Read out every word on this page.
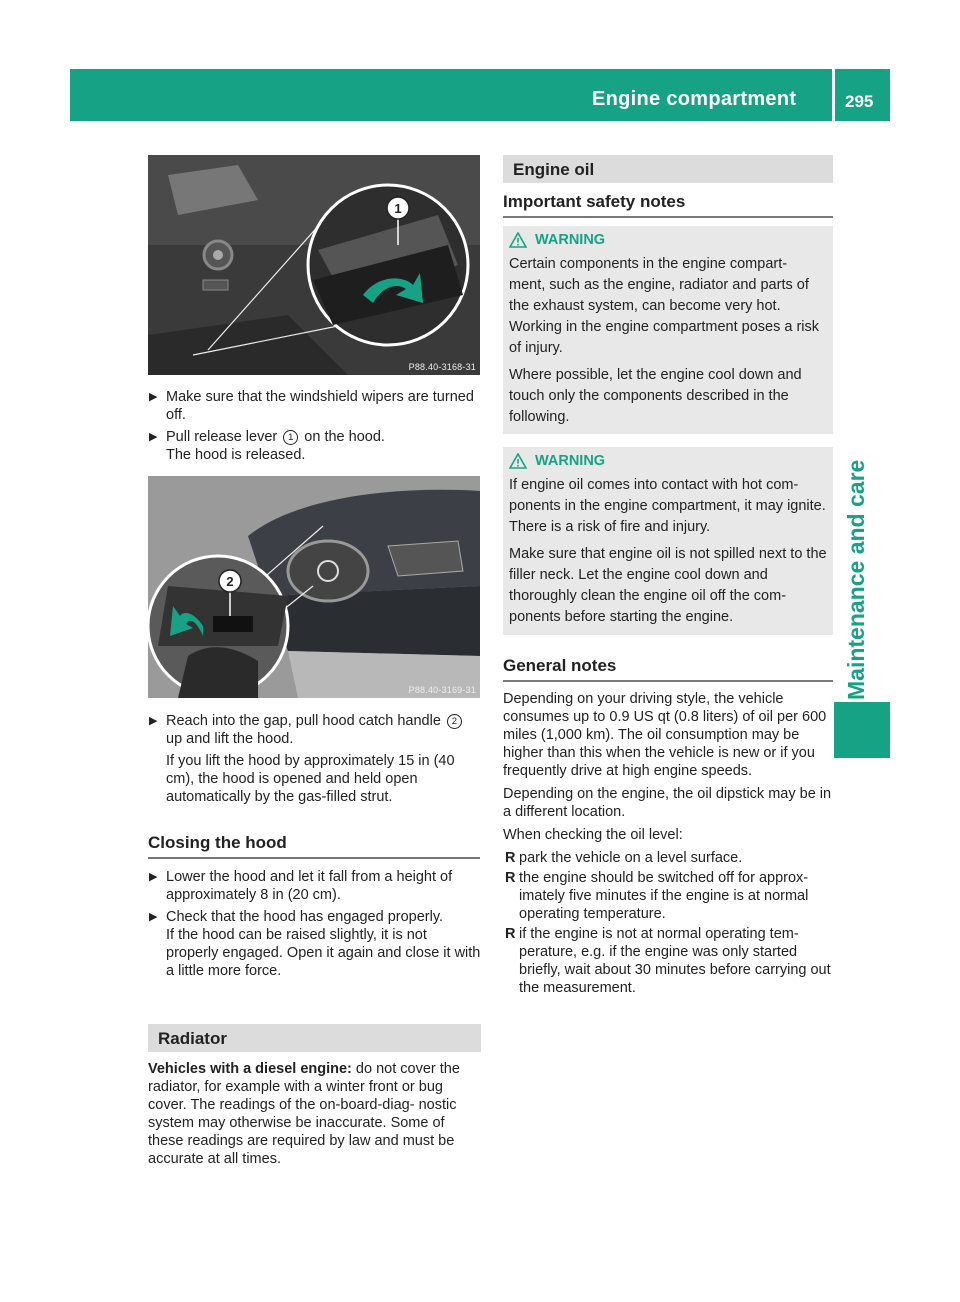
Engine compartment	295
Maintenance and care
1
P88.40-3168-31
▶ Make sure that the windshield wipers are turned off.
▶ Pull release lever 1 on the hood.
The hood is released.
2
P88.40-3169-31
▶ Reach into the gap, pull hood catch handle 2 up and lift the hood.
If you lift the hood by approximately 15 in (40 cm), the hood is opened and held open automatically by the gas-filled strut.
Closing the hood
▶ Lower the hood and let it fall from a height of approximately 8 in (20 cm).
▶ Check that the hood has engaged properly.
If the hood can be raised slightly, it is not properly engaged. Open it again and close it with a little more force.
Radiator
Vehicles with a diesel engine: do not cover the radiator, for example with a winter front or bug cover. The readings of the on-board-diag- nostic system may otherwise be inaccurate. Some of these readings are required by law and must be accurate at all times.
Engine oil
Important safety notes
WARNING

Certain components in the engine compart- ment, such as the engine, radiator and parts of the exhaust system, can become very hot. Working in the engine compartment poses a risk of injury.

Where possible, let the engine cool down and touch only the components described in the following.

WARNING

If engine oil comes into contact with hot com- ponents in the engine compartment, it may ignite. There is a risk of fire and injury.

Make sure that engine oil is not spilled next to the filler neck. Let the engine cool down and thoroughly clean the engine oil off the com- ponents before starting the engine.

General notes

Depending on your driving style, the vehicle consumes up to 0.9 US qt (0.8 liters) of oil per 600 miles (1,000 km). The oil consumption may be higher than this when the vehicle is new or if you frequently drive at high engine speeds.

Depending on the engine, the oil dipstick may be in a different location.

When checking the oil level:

R park the vehicle on a level surface.
R the engine should be switched off for approx- imately five minutes if the engine is at normal operating temperature.
R if the engine is not at normal operating tem- perature, e.g. if the engine was only started briefly, wait about 30 minutes before carrying out the measurement.
